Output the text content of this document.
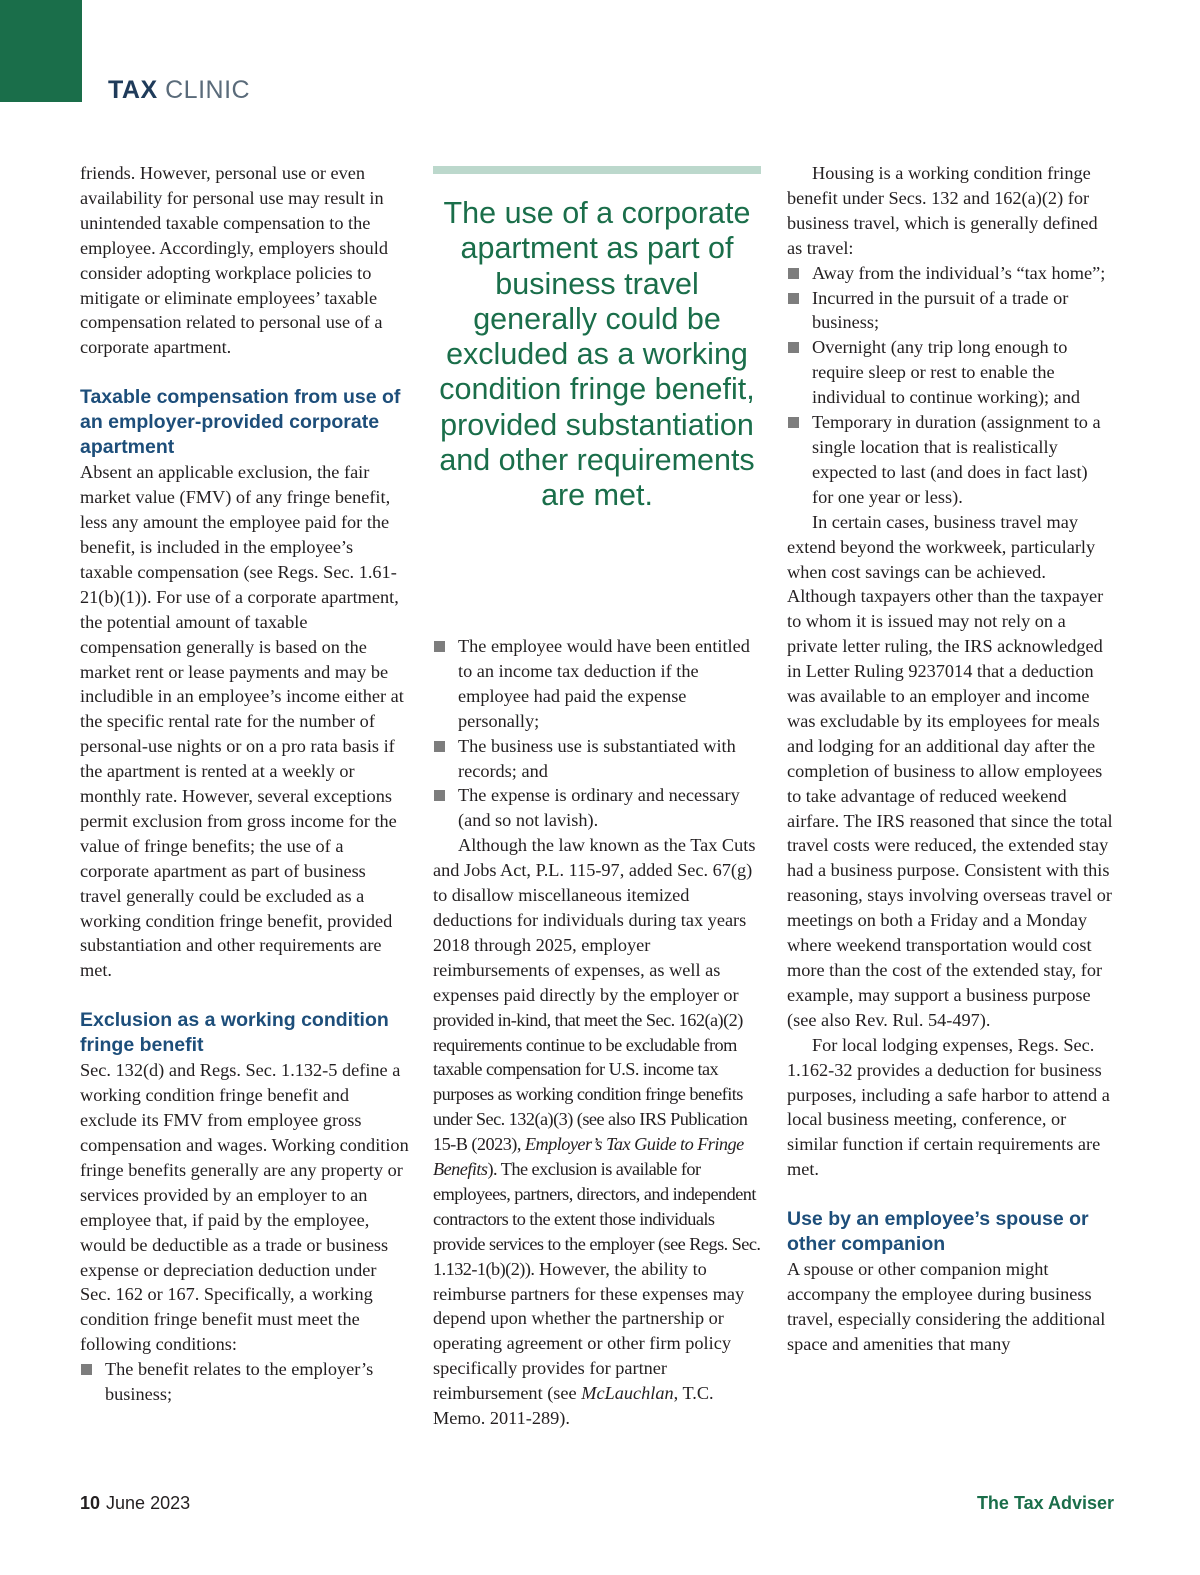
TAX CLINIC

friends. However, personal use or even availability for personal use may result in unintended taxable compensation to the employee. Accordingly, employers should consider adopting workplace policies to mitigate or eliminate employees’ taxable compensation related to personal use of a corporate apartment.

Taxable compensation from use of an employer-provided corporate apartment

Absent an applicable exclusion, the fair market value (FMV) of any fringe benefit, less any amount the employee paid for the benefit, is included in the employee’s taxable compensation (see Regs. Sec. 1.61-21(b)(1)). For use of a corporate apartment, the potential amount of taxable compensation generally is based on the market rent or lease payments and may be includible in an employee’s income either at the specific rental rate for the number of personal-use nights or on a pro rata basis if the apartment is rented at a weekly or monthly rate. However, several exceptions permit exclusion from gross income for the value of fringe benefits; the use of a corporate apartment as part of business travel generally could be excluded as a working condition fringe benefit, provided substantiation and other requirements are met.

Exclusion as a working condition fringe benefit

Sec. 132(d) and Regs. Sec. 1.132-5 define a working condition fringe benefit and exclude its FMV from employee gross compensation and wages. Working condition fringe benefits generally are any property or services provided by an employer to an employee that, if paid by the employee, would be deductible as a trade or business expense or depreciation deduction under Sec. 162 or 167. Specifically, a working condition fringe benefit must meet the following conditions:

The benefit relates to the employer’s business;
The use of a corporate apartment as part of business travel generally could be excluded as a working condition fringe benefit, provided substantiation and other requirements are met.
The employee would have been entitled to an income tax deduction if the employee had paid the expense personally;
The business use is substantiated with records; and
The expense is ordinary and necessary (and so not lavish).

Although the law known as the Tax Cuts and Jobs Act, P.L. 115-97, added Sec. 67(g) to disallow miscellaneous itemized deductions for individuals during tax years 2018 through 2025, employer reimbursements of expenses, as well as expenses paid directly by the employer or provided in-kind, that meet the Sec. 162(a)(2) requirements continue to be excludable from taxable compensation for U.S. income tax purposes as working condition fringe benefits under Sec. 132(a)(3) (see also IRS Publication 15-B (2023), Employer’s Tax Guide to Fringe Benefits). The exclusion is available for employees, partners, directors, and independent contractors to the extent those individuals provide services to the employer (see Regs. Sec. 1.132-1(b)(2)). However, the ability to reimburse partners for these expenses may depend upon whether the partnership or operating agreement or other firm policy specifically provides for partner reimbursement (see McLauchlan, T.C. Memo. 2011-289).

Housing is a working condition fringe benefit under Secs. 132 and 162(a)(2) for business travel, which is generally defined as travel:

Away from the individual’s “tax home”;
Incurred in the pursuit of a trade or business;
Overnight (any trip long enough to require sleep or rest to enable the individual to continue working); and
Temporary in duration (assignment to a single location that is realistically expected to last (and does in fact last) for one year or less).

In certain cases, business travel may extend beyond the workweek, particularly when cost savings can be achieved. Although taxpayers other than the taxpayer to whom it is issued may not rely on a private letter ruling, the IRS acknowledged in Letter Ruling 9237014 that a deduction was available to an employer and income was excludable by its employees for meals and lodging for an additional day after the completion of business to allow employees to take advantage of reduced weekend airfare. The IRS reasoned that since the total travel costs were reduced, the extended stay had a business purpose. Consistent with this reasoning, stays involving overseas travel or meetings on both a Friday and a Monday where weekend transportation would cost more than the cost of the extended stay, for example, may support a business purpose (see also Rev. Rul. 54-497).

For local lodging expenses, Regs. Sec. 1.162-32 provides a deduction for business purposes, including a safe harbor to attend a local business meeting, conference, or similar function if certain requirements are met.

Use by an employee’s spouse or other companion

A spouse or other companion might accompany the employee during business travel, especially considering the additional space and amenities that many

10 June 2023	The Tax Adviser
